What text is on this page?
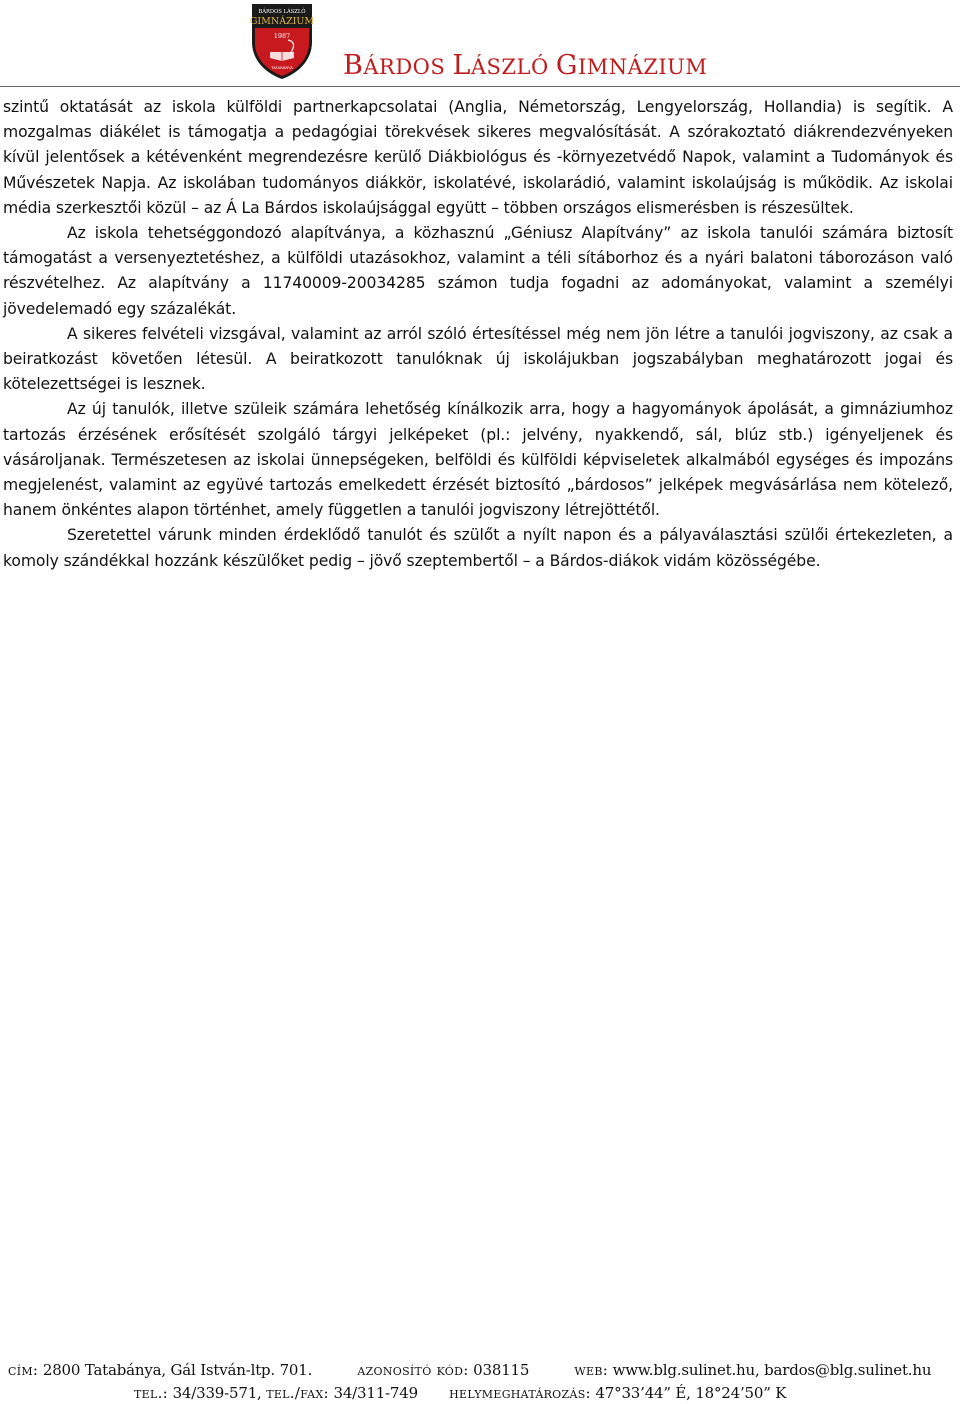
BÁRDOS LÁSZLÓ
GIMNÁZIUM
1987
TATABÁNYA BÁRDOS LÁSZLÓ GIMNÁZIUM

szintű oktatását az iskola külföldi partnerkapcsolatai (Anglia, Németország, Lengyelország, Hollandia) is segítik. A mozgalmas diákélet is támogatja a pedagógiai törekvések sikeres megvalósítását. A szórakoztató diákrendezvényeken kívül jelentősek a kétévenként megrendezésre kerülő Diákbiológus és -környezetvédő Napok, valamint a Tudományok és Művészetek Napja. Az iskolában tudományos diákkör, iskolatévé, iskolarádió, valamint iskolaújság is működik. Az iskolai média szerkesztői közül – az Á La Bárdos iskolaújsággal együtt – többen országos elismerésben is részesültek.

Az iskola tehetséggondozó alapítványa, a közhasznú „Géniusz Alapítvány” az iskola tanulói számára biztosít támogatást a versenyeztetéshez, a külföldi utazásokhoz, valamint a téli sítáborhoz és a nyári balatoni táborozáson való részvételhez. Az alapítvány a 11740009-20034285 számon tudja fogadni az adományokat, valamint a személyi jövedelemadó egy százalékát.

A sikeres felvételi vizsgával, valamint az arról szóló értesítéssel még nem jön létre a tanulói jogviszony, az csak a beiratkozást követően létesül. A beiratkozott tanulóknak új iskolájukban jogszabályban meghatározott jogai és kötelezettségei is lesznek.

Az új tanulók, illetve szüleik számára lehetőség kínálkozik arra, hogy a hagyományok ápolását, a gimnáziumhoz tartozás érzésének erősítését szolgáló tárgyi jelképeket (pl.: jelvény, nyakkendő, sál, blúz stb.) igényeljenek és vásároljanak. Természetesen az iskolai ünnepségeken, belföldi és külföldi képviseletek alkalmából egységes és impozáns megjelenést, valamint az együvé tartozás emelkedett érzését biztosító „bárdosos” jelképek megvásárlása nem kötelező, hanem önkéntes alapon történhet, amely független a tanulói jogviszony létrejöttétől.

Szeretettel várunk minden érdeklődő tanulót és szülőt a nyílt napon és a pályaválasztási szülői értekezleten, a komoly szándékkal hozzánk készülőket pedig – jövő szeptembertől – a Bárdos-diákok vidám közösségébe.

cím: 2800 Tatabánya, Gál István-ltp. 701.	azonosító kód: 038115	web: www.blg.sulinet.hu, bardos@blg.sulinet.hu
tel.: 34/339-571, tel./fax: 34/311-749 helymeghatározás: 47°33’44” É, 18°24’50” K
